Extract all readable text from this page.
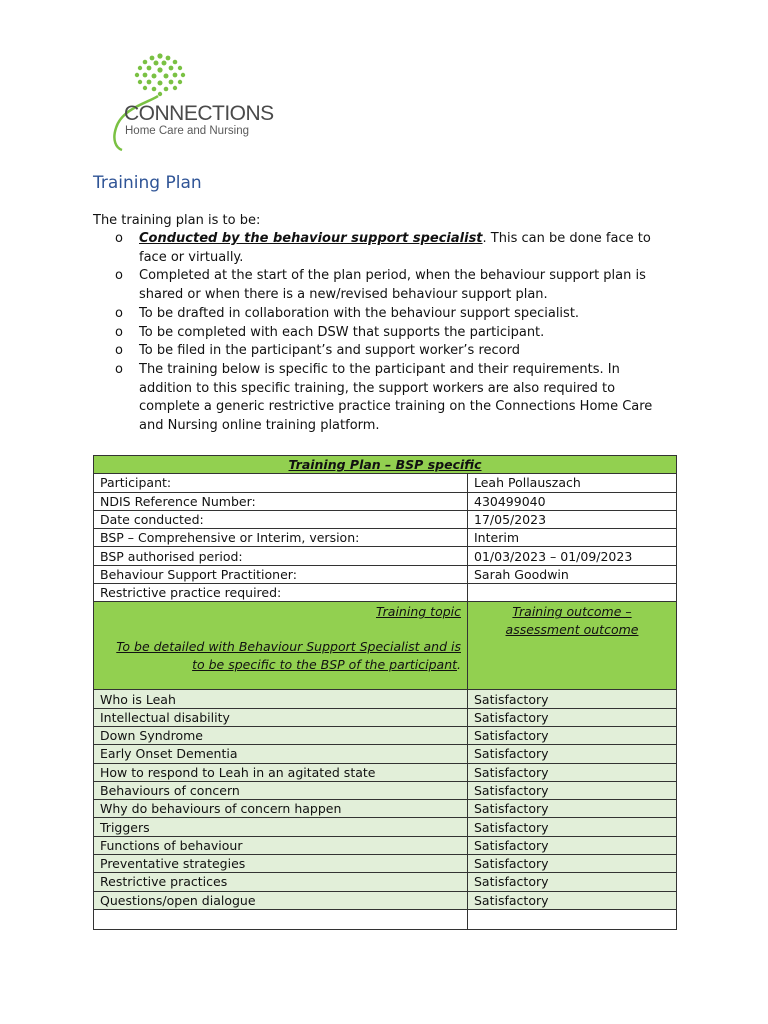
CONNECTIONS
Home Care and Nursing
Training Plan
The training plan is to be:
o Conducted by the behaviour support specialist. This can be done face to face or virtually.
o Completed at the start of the plan period, when the behaviour support plan is shared or when there is a new/revised behaviour support plan.
o To be drafted in collaboration with the behaviour support specialist.
o To be completed with each DSW that supports the participant.
o To be filed in the participant’s and support worker’s record
o The training below is specific to the participant and their requirements. In addition to this specific training, the support workers are also required to complete a generic restrictive practice training on the Connections Home Care and Nursing online training platform.
Training Plan – BSP specific	
Participant:	Leah Pollauszach
NDIS Reference Number:	430499040
Date conducted:	17/05/2023
BSP – Comprehensive or Interim, version:	Interim
BSP authorised period:	01/03/2023 – 01/09/2023
Behaviour Support Practitioner:	Sarah Goodwin
Restrictive practice required:	

Training topic
To be detailed with Behaviour Support Specialist and is to be specific to the BSP of the participant.	Training outcome – assessment outcome
Who is Leah	Satisfactory
Intellectual disability	Satisfactory
Down Syndrome	Satisfactory
Early Onset Dementia	Satisfactory
How to respond to Leah in an agitated state	Satisfactory
Behaviours of concern	Satisfactory
Why do behaviours of concern happen	Satisfactory
Triggers	Satisfactory
Functions of behaviour	Satisfactory
Preventative strategies	Satisfactory
Restrictive practices	Satisfactory
Questions/open dialogue	Satisfactory
